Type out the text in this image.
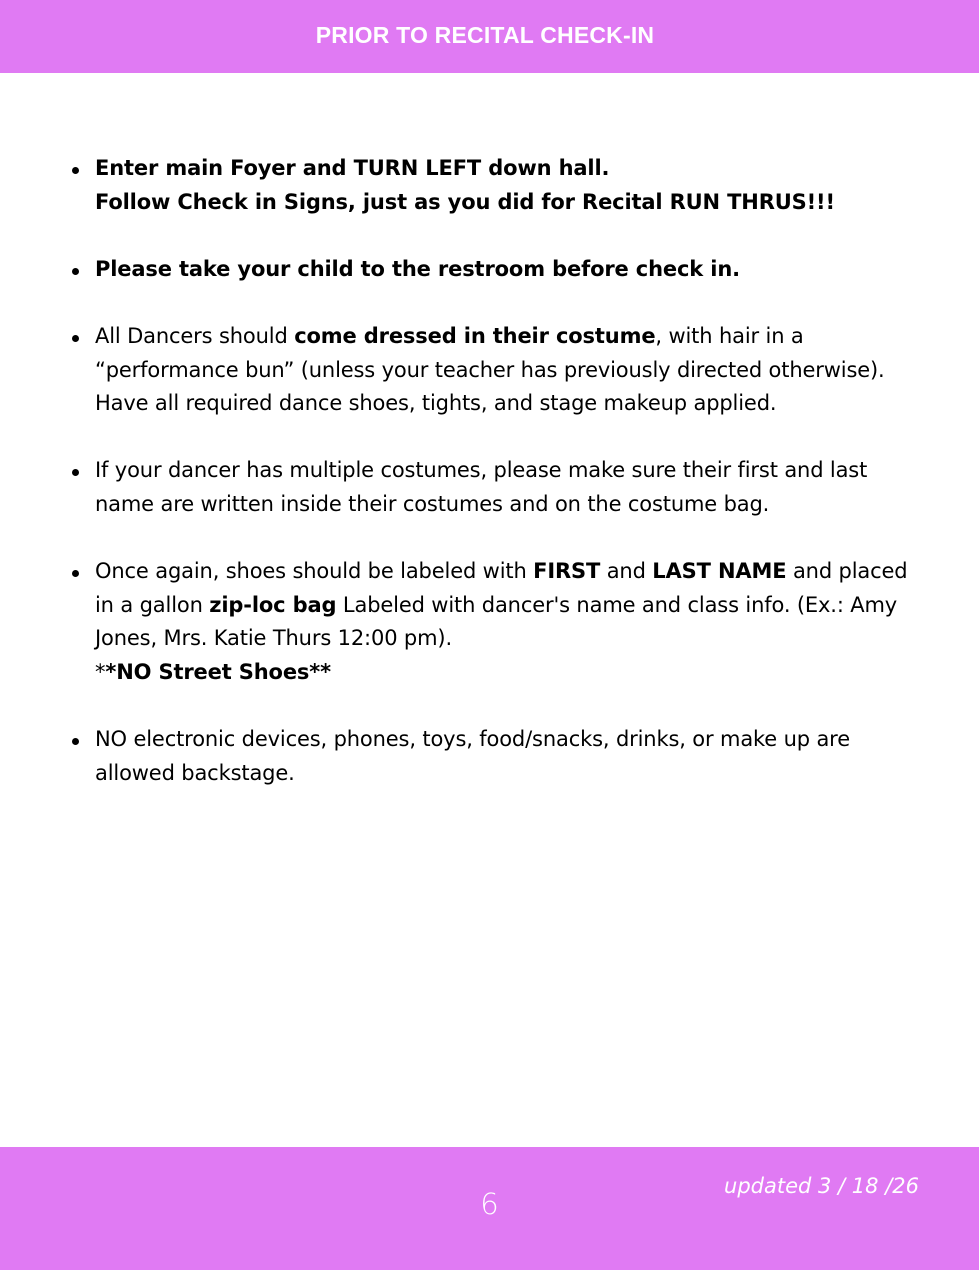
PRIOR TO RECITAL CHECK-IN
Enter main Foyer and TURN LEFT down hall.
Follow Check in Signs, just as you did for Recital RUN THRUS!!!
Please take your child to the restroom before check in.
All Dancers should come dressed in their costume, with hair in a “performance bun” (unless your teacher has previously directed otherwise). Have all required dance shoes, tights, and stage makeup applied.
If your dancer has multiple costumes, please make sure their first and last name are written inside their costumes and on the costume bag.
Once again, shoes should be labeled with FIRST and LAST NAME and placed in a gallon zip-loc bag Labeled with dancer's name and class info. (Ex.: Amy Jones, Mrs. Katie Thurs 12:00 pm).
**NO Street Shoes**
NO electronic devices, phones, toys, food/snacks, drinks, or make up are allowed backstage.
6
updated 3 / 18 /26
